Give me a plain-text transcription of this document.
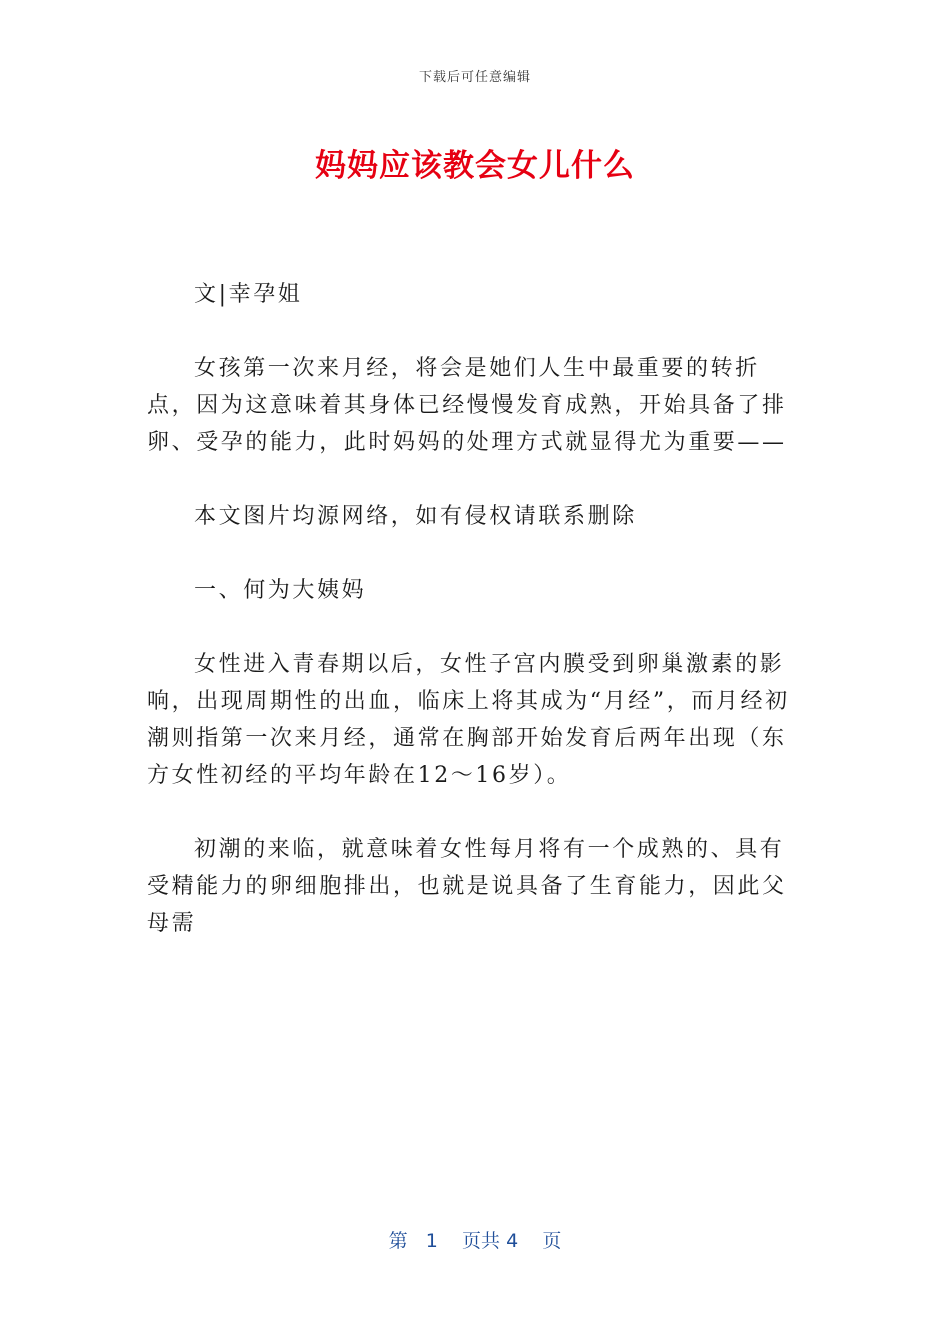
下载后可任意编辑
妈妈应该教会女儿什么

文|幸孕姐

女孩第一次来月经，将会是她们人生中最重要的转折点，因为这意味着其身体已经慢慢发育成熟，开始具备了排卵、受孕的能力，此时妈妈的处理方式就显得尤为重要——

本文图片均源网络，如有侵权请联系删除

一、何为大姨妈

女性进入青春期以后，女性子宫内膜受到卵巢激素的影响，出现周期性的出血，临床上将其成为“月经”，而月经初潮则指第一次来月经，通常在胸部开始发育后两年出现（东方女性初经的平均年龄在12～16岁）。

初潮的来临，就意味着女性每月将有一个成熟的、具有受精能力的卵细胞排出，也就是说具备了生育能力，因此父母需

第 1 页共 4 页
